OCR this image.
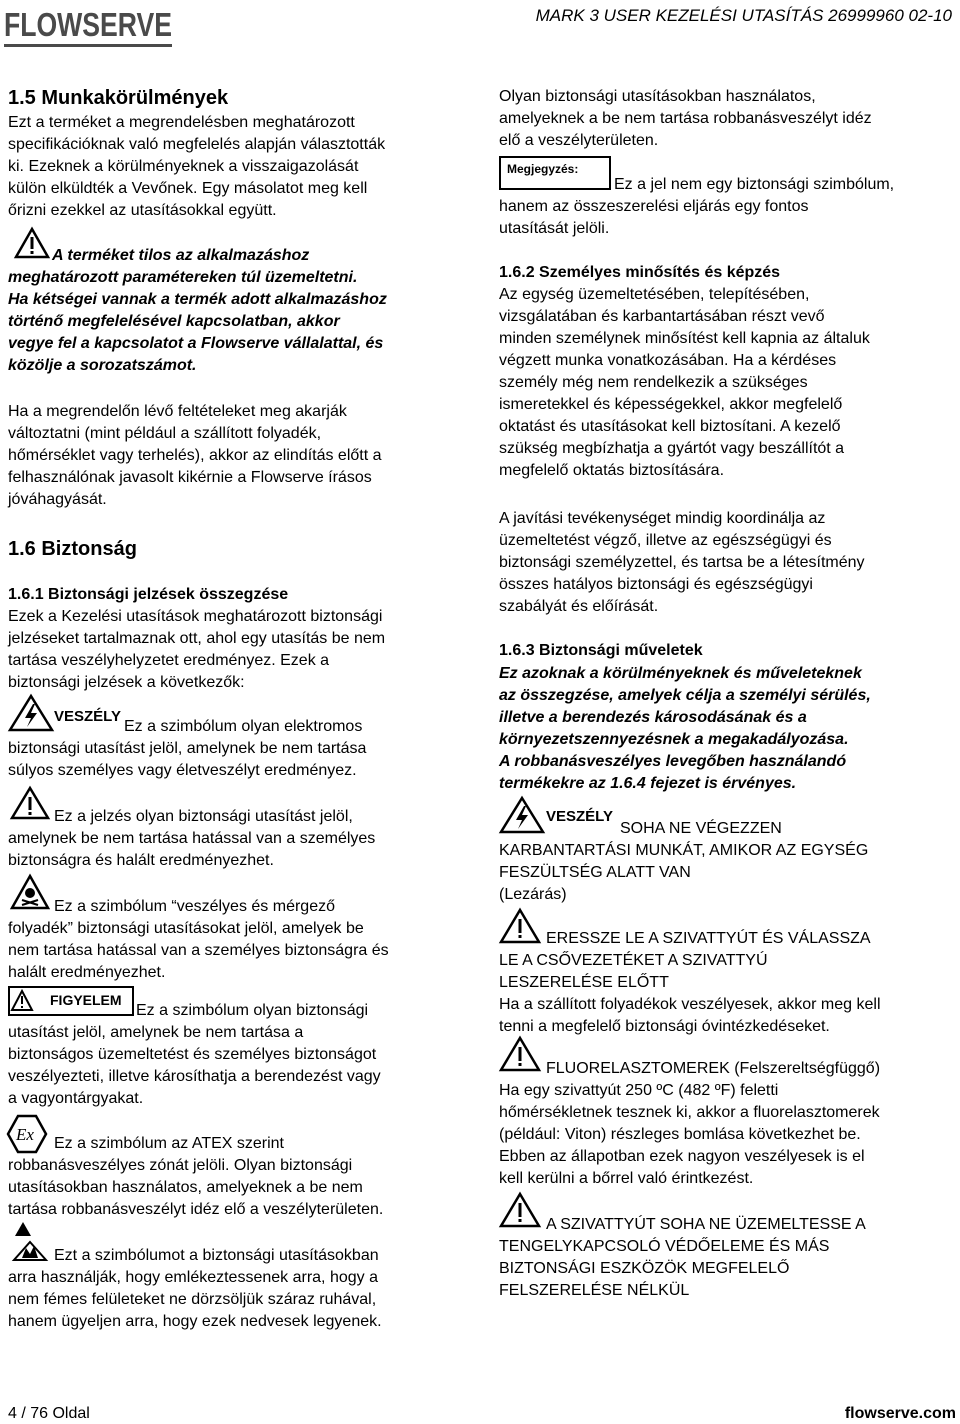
FLOWSERVE	MARK 3 USER KEZELÉSI UTASÍTÁS 26999960 02-10
1.5 Munkakörülmények
Ezt a terméket a megrendelésben meghatározott
specifikációknak való megfelelés alapján választották
ki. Ezeknek a körülményeknek a visszaigazolását
külön elküldték a Vevőnek. Egy másolatot meg kell
őrizni ezekkel az utasításokkal együtt.
A terméket tilos az alkalmazáshoz
meghatározott paramétereken túl üzemeltetni.
Ha kétségei vannak a termék adott alkalmazáshoz
történő megfelelésével kapcsolatban, akkor
vegye fel a kapcsolatot a Flowserve vállalattal, és
közölje a sorozatszámot.
Ha a megrendelőn lévő feltételeket meg akarják
változtatni (mint például a szállított folyadék,
hőmérséklet vagy terhelés), akkor az elindítás előtt a
felhasználónak javasolt kikérnie a Flowserve írásos
jóváhagyását.
1.6 Biztonság
1.6.1 Biztonsági jelzések összegzése
Ezek a Kezelési utasítások meghatározott biztonsági
jelzéseket tartalmaznak ott, ahol egy utasítás be nem
tartása veszélyhelyzetet eredményez. Ezek a
biztonsági jelzések a következők:
VESZÉLY
Ez a szimbólum olyan elektromos
biztonsági utasítást jelöl, amelynek be nem tartása
súlyos személyes vagy életveszélyt eredményez.
Ez a jelzés olyan biztonsági utasítást jelöl,
amelynek be nem tartása hatással van a személyes
biztonságra és halált eredményezhet.
Ez a szimbólum “veszélyes és mérgező
folyadék” biztonsági utasításokat jelöl, amelyek be
nem tartása hatással van a személyes biztonságra és
halált eredményezhet.
FIGYELEM
Ez a szimbólum olyan biztonsági
utasítást jelöl, amelynek be nem tartása a
biztonságos üzemeltetést és személyes biztonságot
veszélyezteti, illetve károsíthatja a berendezést vagy
a vagyontárgyakat.
Ex Ez a szimbólum az ATEX szerint
robbanásveszélyes zónát jelöli. Olyan biztonsági
utasításokban használatos, amelyeknek a be nem
tartása robbanásveszélyt idéz elő a veszélyterületen.
Ezt a szimbólumot a biztonsági utasításokban
arra használják, hogy emlékeztessenek arra, hogy a
nem fémes felületeket ne dörzsöljük száraz ruhával,
hanem ügyeljen arra, hogy ezek nedvesek legyenek.
Olyan biztonsági utasításokban használatos,
amelyeknek a be nem tartása robbanásveszélyt idéz
elő a veszélyterületen.
Megjegyzés:
Ez a jel nem egy biztonsági szimbólum,
hanem az összeszerelési eljárás egy fontos
utasítását jelöli.
1.6.2 Személyes minősítés és képzés
Az egység üzemeltetésében, telepítésében,
vizsgálatában és karbantartásában részt vevő
minden személynek minősítést kell kapnia az általuk
végzett munka vonatkozásában. Ha a kérdéses
személy még nem rendelkezik a szükséges
ismeretekkel és képességekkel, akkor megfelelő
oktatást és utasításokat kell biztosítani. A kezelő
szükség megbízhatja a gyártót vagy beszállítót a
megfelelő oktatás biztosítására.
A javítási tevékenységet mindig koordinálja az
üzemeltetést végző, illetve az egészségügyi és
biztonsági személyzettel, és tartsa be a létesítmény
összes hatályos biztonsági és egészségügyi
szabályát és előírását.
1.6.3 Biztonsági műveletek
Ez azoknak a körülményeknek és műveleteknek
az összegzése, amelyek célja a személyi sérülés,
illetve a berendezés károsodásának és a
környezetszennyezésnek a megakadályozása.
A robbanásveszélyes levegőben használandó
termékekre az 1.6.4 fejezet is érvényes.
VESZÉLY
SOHA NE VÉGEZZEN
KARBANTARTÁSI MUNKÁT, AMIKOR AZ EGYSÉG
FESZÜLTSÉG ALATT VAN
(Lezárás)
ERESSZE LE A SZIVATTYÚT ÉS VÁLASSZA
LE A CSŐVEZETÉKET A SZIVATTYÚ
LESZERELÉSE ELŐTT
Ha a szállított folyadékok veszélyesek, akkor meg kell
tenni a megfelelő biztonsági óvintézkedéseket.
FLUORELASZTOMEREK (Felszereltségfüggő)
Ha egy szivattyút 250 ºC (482 ºF) feletti
hőmérsékletnek tesznek ki, akkor a fluorelasztomerek
(például: Viton) részleges bomlása következhet be.
Ebben az állapotban ezek nagyon veszélyesek is el
kell kerülni a bőrrel való érintkezést.
A SZIVATTYÚT SOHA NE ÜZEMELTESSE A
TENGELYKAPCSOLÓ VÉDŐELEME ÉS MÁS
BIZTONSÁGI ESZKÖZÖK MEGFELELŐ
FELSZERELÉSE NÉLKÜL
4 / 76 Oldal	flowserve.com
